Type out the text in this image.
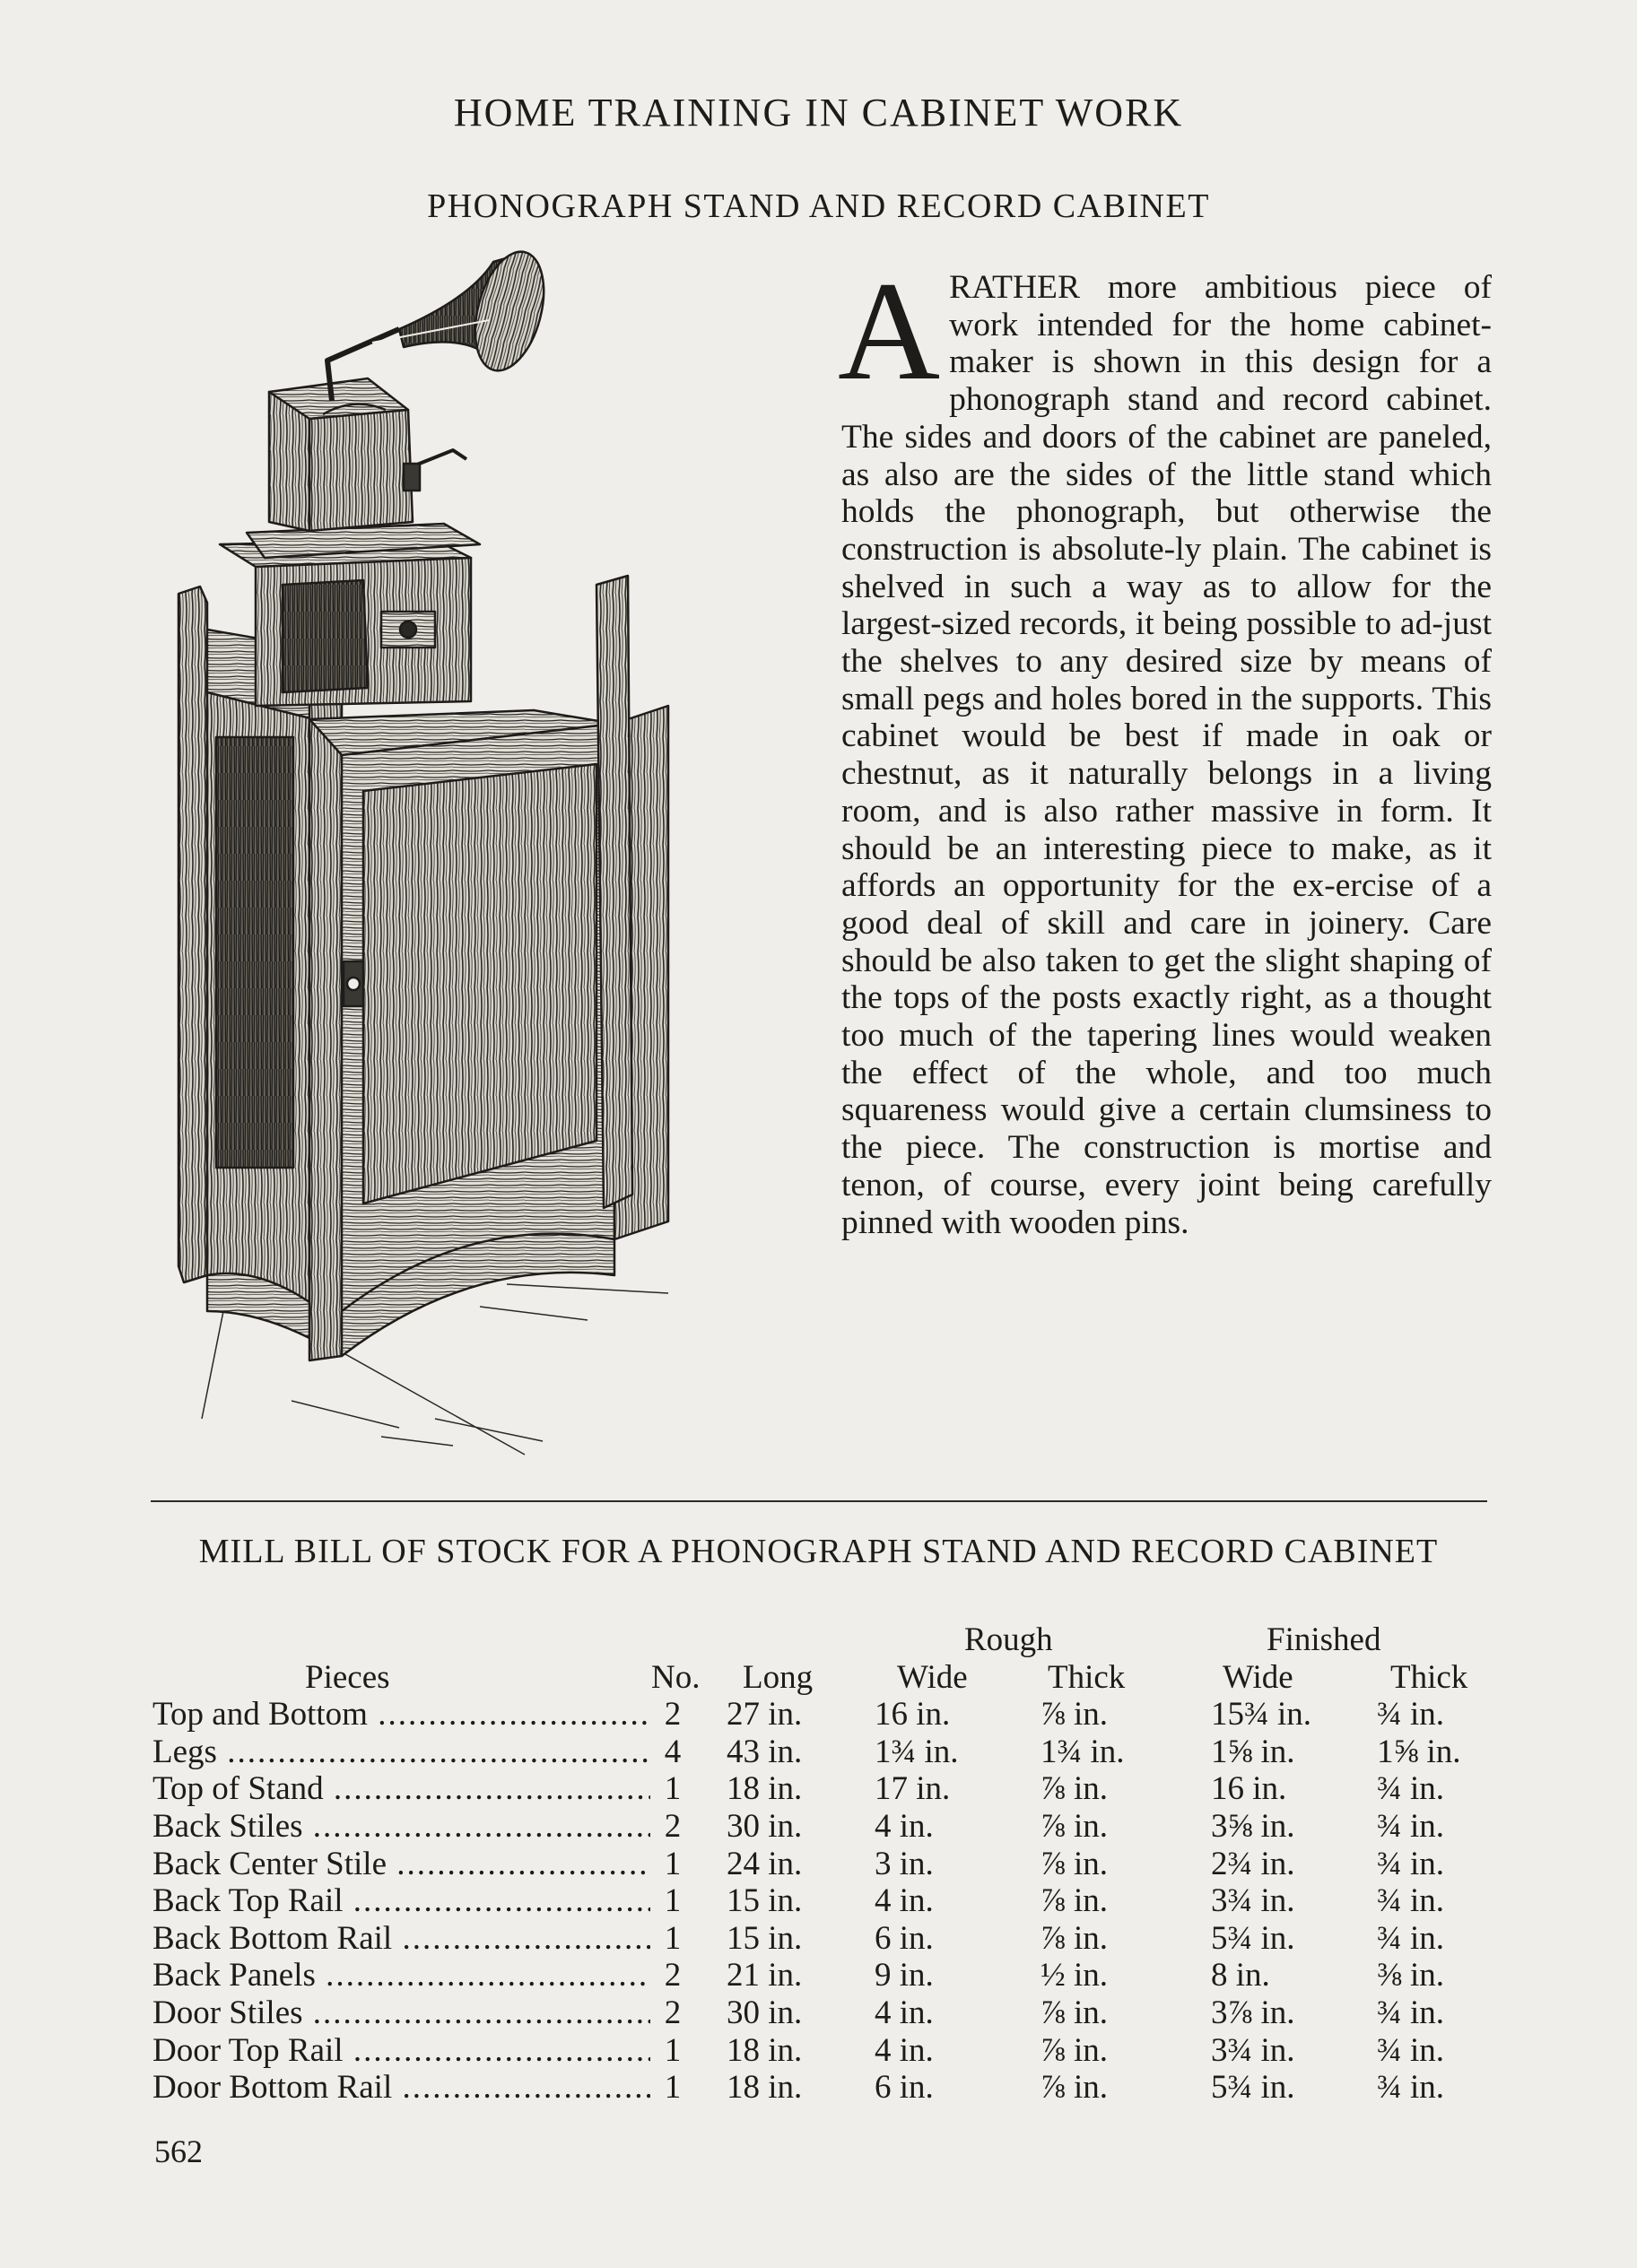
HOME TRAINING IN CABINET WORK
PHONOGRAPH STAND AND RECORD CABINET
A RATHER more ambitious piece of work intended for the home cabinet-maker is shown in this design for a phonograph stand and record cabinet. The sides and doors of the cabinet are paneled, as also are the sides of the little stand which holds the phonograph, but otherwise the construction is absolute-ly plain. The cabinet is shelved in such a way as to allow for the largest-sized records, it being possible to ad-just the shelves to any desired size by means of small pegs and holes bored in the supports. This cabinet would be best if made in oak or chestnut, as it naturally belongs in a living room, and is also rather massive in form. It should be an interesting piece to make, as it affords an opportunity for the ex-ercise of a good deal of skill and care in joinery. Care should be also taken to get the slight shaping of the tops of the posts exactly right, as a thought too much of the tapering lines would weaken the effect of the whole, and too much squareness would give a certain clumsiness to the piece. The construction is mortise and tenon, of course, every joint being carefully pinned with wooden pins.
MILL BILL OF STOCK FOR A PHONOGRAPH STAND AND RECORD CABINET
Rough	Finished
Pieces	No. Long	Wide Thick	Wide	Thick
Top and Bottom .....	2 27 in. 16 in.	⅞ in.	15¾ in. ¾ in.
Legs .....	4 43 in. 1¾ in. 1¾ in.	1⅝ in. 1⅝ in.
Top of Stand .....	1 18 in. 17 in.	⅞ in.	16 in.	¾ in.
Back Stiles .....	2 30 in. 4 in.	⅞ in.	3⅝ in. ¾ in.
Back Center Stile .....	1 24 in. 3 in.	⅞ in.	2¾ in. ¾ in.
Back Top Rail .....	1 15 in. 4 in.	⅞ in.	3¾ in. ¾ in.
Back Bottom Rail .....	1 15 in. 6 in.	⅞ in.	5¾ in. ¾ in.
Back Panels .....	2 21 in. 9 in.	½ in.	8 in.	⅜ in.
Door Stiles .....	2 30 in. 4 in.	⅞ in.	3⅞ in. ¾ in.
Door Top Rail .....	1 18 in. 4 in.	⅞ in.	3¾ in. ¾ in.
Door Bottom Rail .....	1 18 in. 6 in.	⅞ in.	5¾ in. ¾ in.
562
